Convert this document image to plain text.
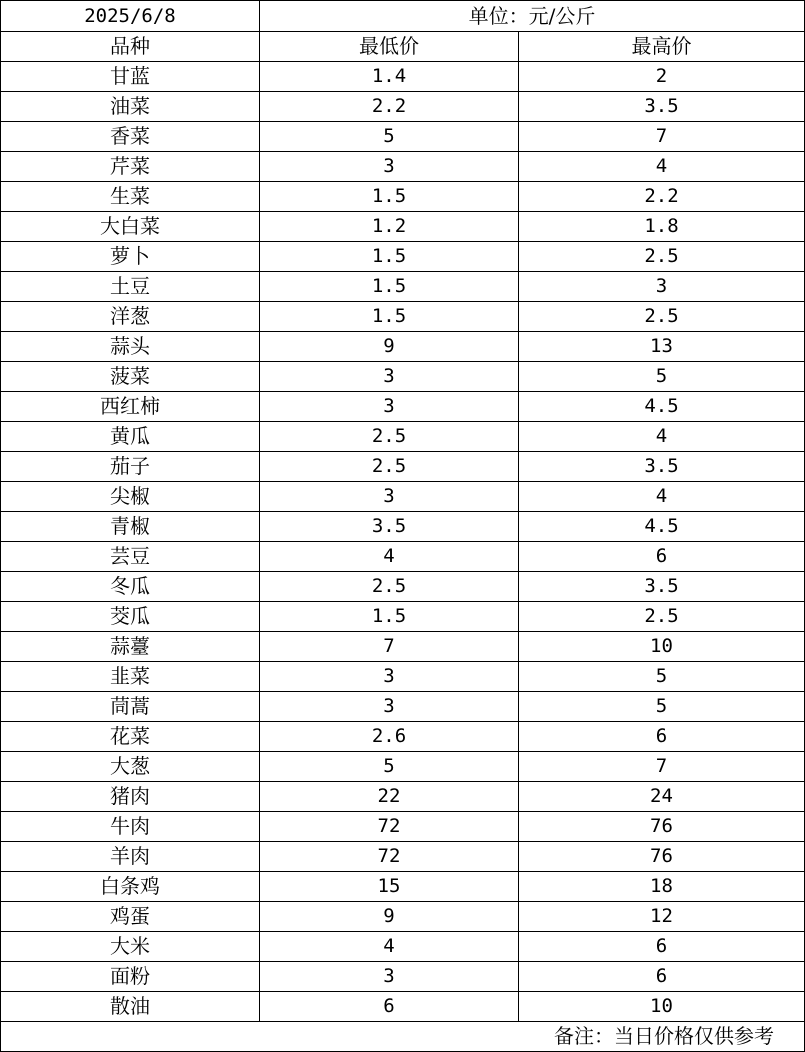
2025/6/8	单位：元/公斤	
品种	最低价	最高价
甘蓝	1.4	2
油菜	2.2	3.5
香菜	5	7
芹菜	3	4
生菜	1.5	2.2
大白菜	1.2	1.8
萝卜	1.5	2.5
土豆	1.5	3
洋葱	1.5	2.5
蒜头	9	13
菠菜	3	5
西红柿	3	4.5
黄瓜	2.5	4
茄子	2.5	3.5
尖椒	3	4
青椒	3.5	4.5
芸豆	4	6
冬瓜	2.5	3.5
茭瓜	1.5	2.5
蒜薹	7	10
韭菜	3	5
茼蒿	3	5
花菜	2.6	6
大葱	5	7
猪肉	22	24
牛肉	72	76
羊肉	72	76
白条鸡	15	18
鸡蛋	9	12
大米	4	6
面粉	3	6
散油	6	10
	备注：当日价格仅供参考	
